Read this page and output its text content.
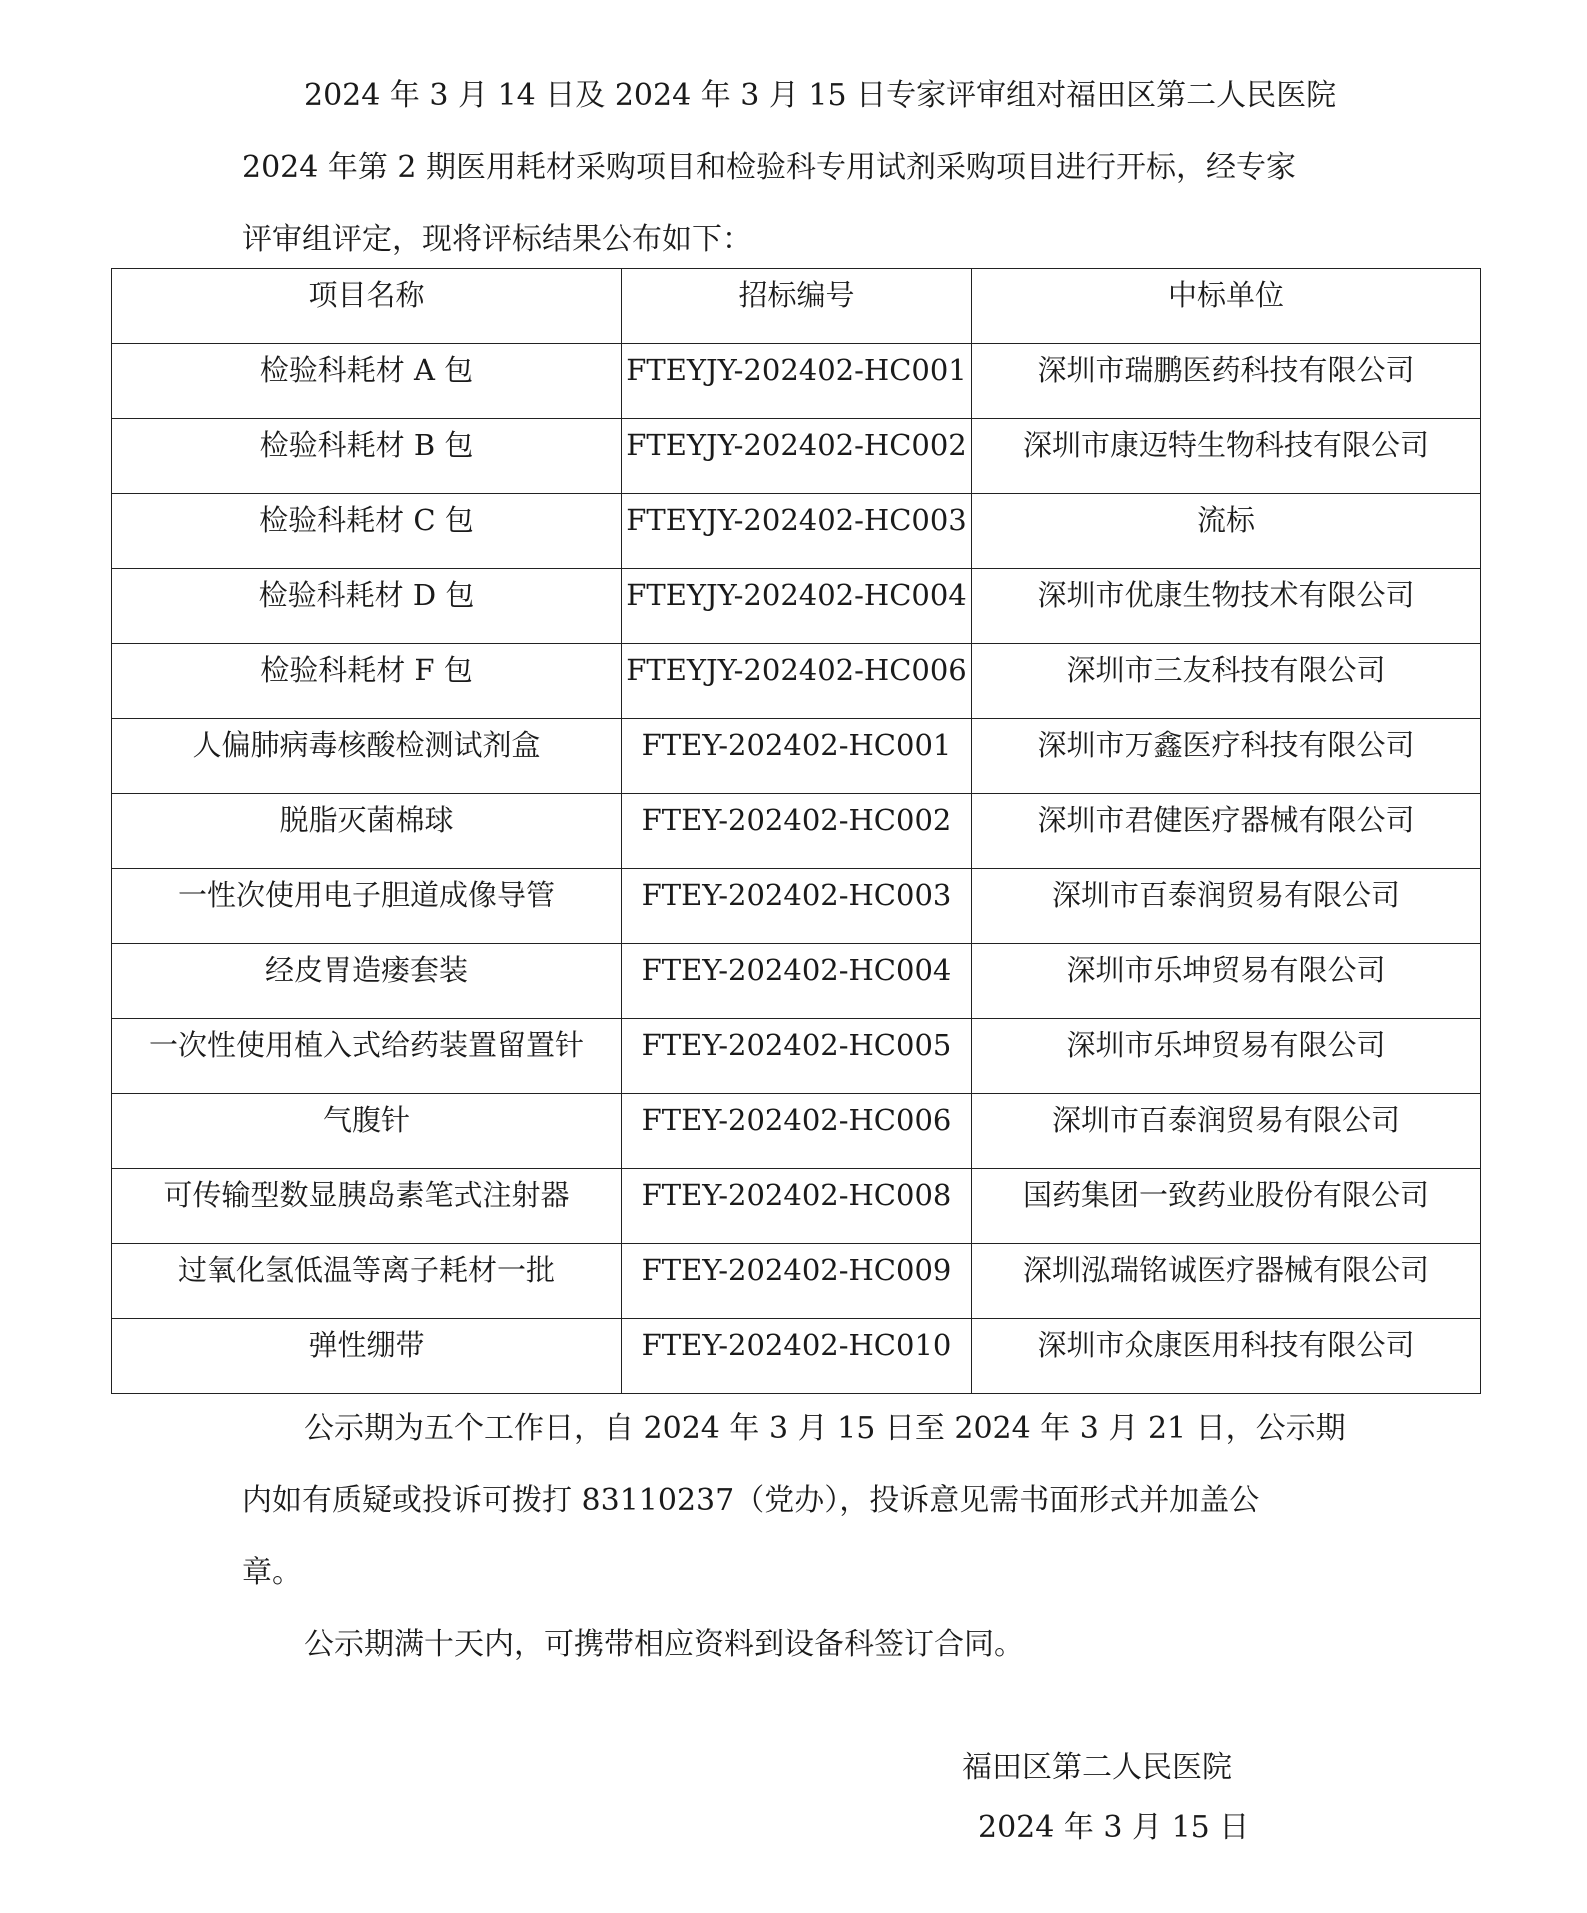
2024 年 3 月 14 日及 2024 年 3 月 15 日专家评审组对福田区第二人民医院
2024 年第 2 期医用耗材采购项目和检验科专用试剂采购项目进行开标，经专家
评审组评定，现将评标结果公布如下：
项目名称	招标编号	中标单位
检验科耗材 A 包	FTEYJY-202402-HC001	深圳市瑞鹏医药科技有限公司
检验科耗材 B 包	FTEYJY-202402-HC002	深圳市康迈特生物科技有限公司
检验科耗材 C 包	FTEYJY-202402-HC003	流标
检验科耗材 D 包	FTEYJY-202402-HC004	深圳市优康生物技术有限公司
检验科耗材 F 包	FTEYJY-202402-HC006	深圳市三友科技有限公司
人偏肺病毒核酸检测试剂盒	FTEY-202402-HC001	深圳市万鑫医疗科技有限公司
脱脂灭菌棉球	FTEY-202402-HC002	深圳市君健医疗器械有限公司
一性次使用电子胆道成像导管	FTEY-202402-HC003	深圳市百泰润贸易有限公司
经皮胃造瘘套装	FTEY-202402-HC004	深圳市乐坤贸易有限公司
一次性使用植入式给药装置留置针	FTEY-202402-HC005	深圳市乐坤贸易有限公司
气腹针	FTEY-202402-HC006	深圳市百泰润贸易有限公司
可传输型数显胰岛素笔式注射器	FTEY-202402-HC008	国药集团一致药业股份有限公司
过氧化氢低温等离子耗材一批	FTEY-202402-HC009	深圳泓瑞铭诚医疗器械有限公司
弹性绷带	FTEY-202402-HC010	深圳市众康医用科技有限公司
公示期为五个工作日，自 2024 年 3 月 15 日至 2024 年 3 月 21 日，公示期
内如有质疑或投诉可拨打 83110237（党办），投诉意见需书面形式并加盖公
章。
公示期满十天内，可携带相应资料到设备科签订合同。
福田区第二人民医院
2024 年 3 月 15 日
